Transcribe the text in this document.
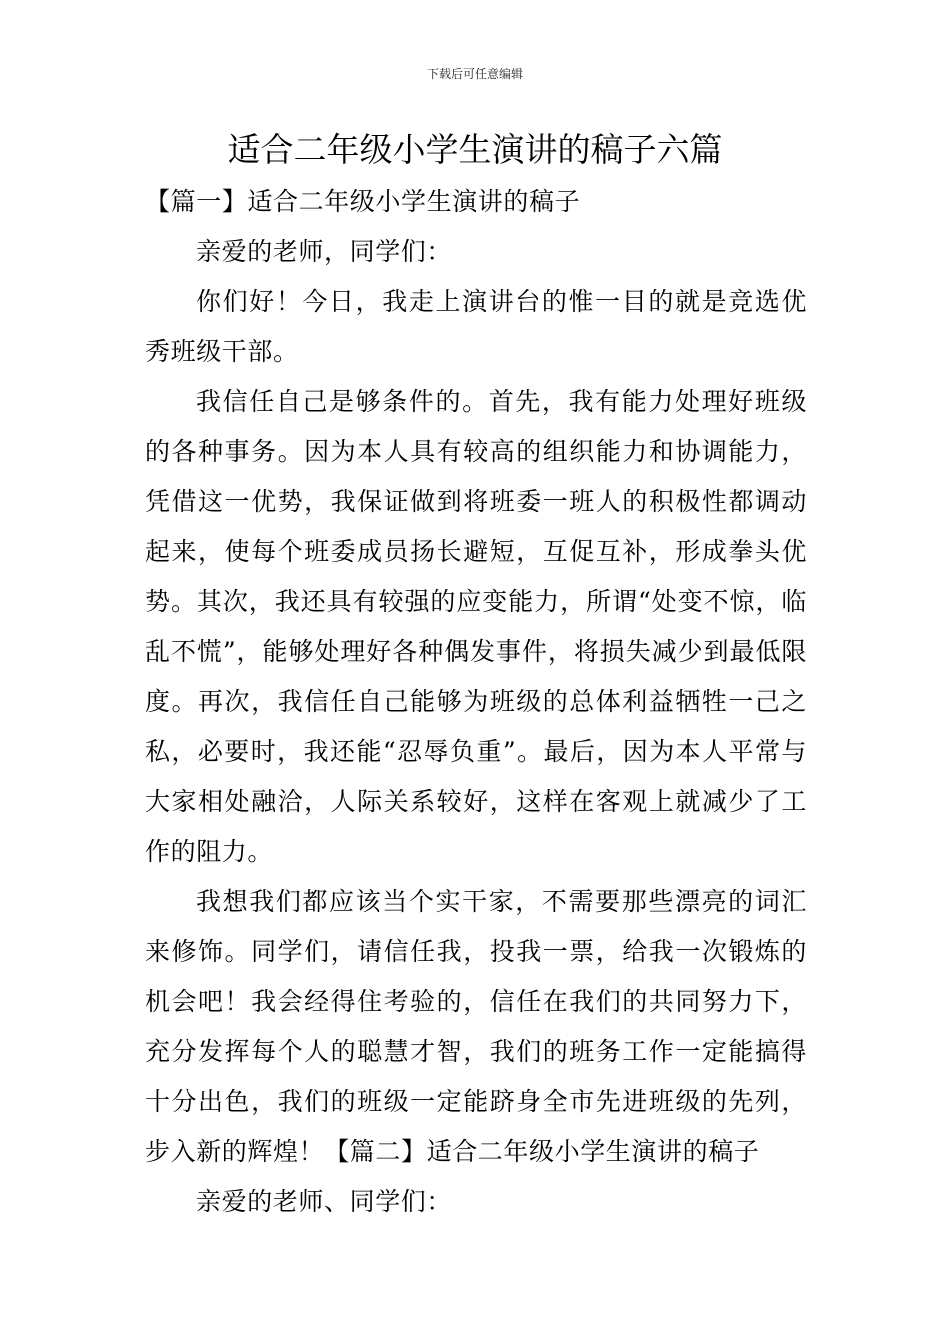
下载后可任意编辑
适合二年级小学生演讲的稿子六篇

【篇一】适合二年级小学生演讲的稿子

亲爱的老师，同学们：

你们好！今日，我走上演讲台的惟一目的就是竞选优秀班级干部。

我信任自己是够条件的。首先，我有能力处理好班级的各种事务。因为本人具有较高的组织能力和协调能力，凭借这一优势，我保证做到将班委一班人的积极性都调动起来，使每个班委成员扬长避短，互促互补，形成拳头优势。其次，我还具有较强的应变能力，所谓“处变不惊，临乱不慌”，能够处理好各种偶发事件，将损失减少到最低限度。再次，我信任自己能够为班级的总体利益牺牲一己之私，必要时，我还能“忍辱负重”。最后，因为本人平常与大家相处融洽，人际关系较好，这样在客观上就减少了工作的阻力。

我想我们都应该当个实干家，不需要那些漂亮的词汇来修饰。同学们，请信任我，投我一票，给我一次锻炼的机会吧！我会经得住考验的，信任在我们的共同努力下，充分发挥每个人的聪慧才智，我们的班务工作一定能搞得十分出色，我们的班级一定能跻身全市先进班级的先列，步入新的辉煌！【篇二】适合二年级小学生演讲的稿子

亲爱的老师、同学们：
